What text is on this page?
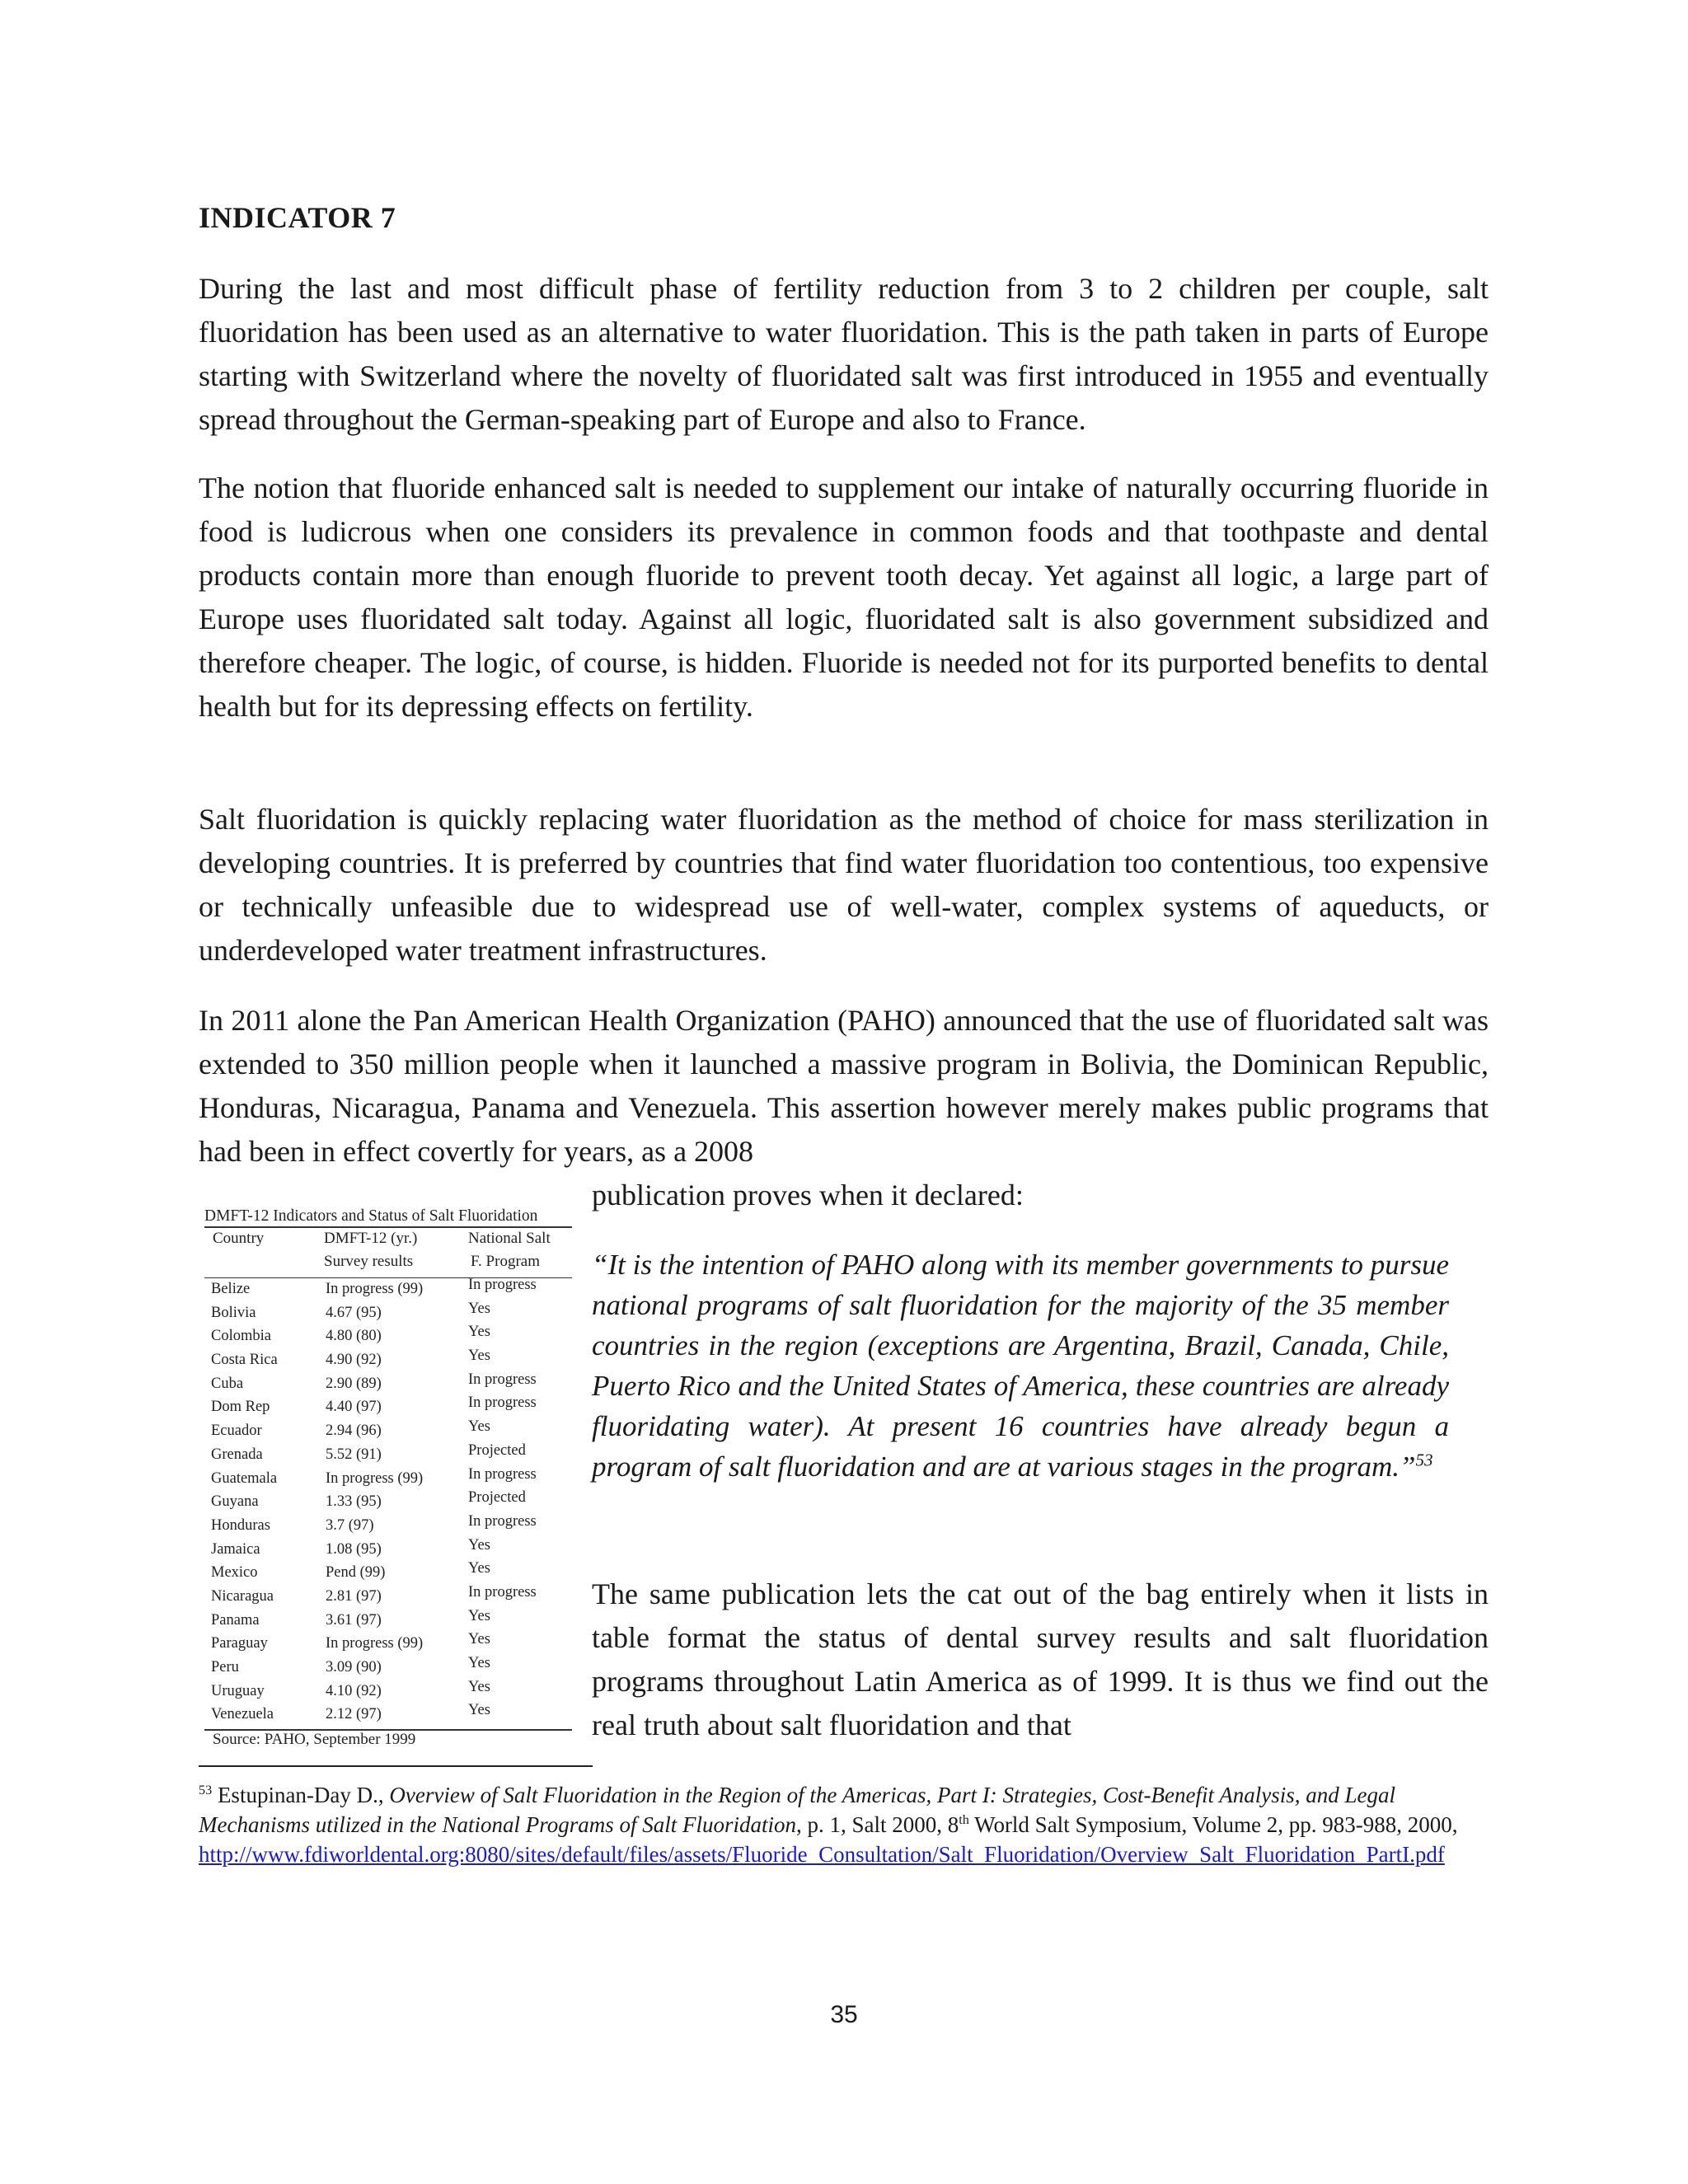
INDICATOR 7

During the last and most difficult phase of fertility reduction from 3 to 2 children per couple, salt fluoridation has been used as an alternative to water fluoridation. This is the path taken in parts of Europe starting with Switzerland where the novelty of fluoridated salt was first introduced in 1955 and eventually spread throughout the German-speaking part of Europe and also to France.

The notion that fluoride enhanced salt is needed to supplement our intake of naturally occurring fluoride in food is ludicrous when one considers its prevalence in common foods and that toothpaste and dental products contain more than enough fluoride to prevent tooth decay. Yet against all logic, a large part of Europe uses fluoridated salt today. Against all logic, fluoridated salt is also government subsidized and therefore cheaper. The logic, of course, is hidden. Fluoride is needed not for its purported benefits to dental health but for its depressing effects on fertility.

Salt fluoridation is quickly replacing water fluoridation as the method of choice for mass sterilization in developing countries. It is preferred by countries that find water fluoridation too contentious, too expensive or technically unfeasible due to widespread use of well-water, complex systems of aqueducts, or underdeveloped water treatment infrastructures.

In 2011 alone the Pan American Health Organization (PAHO) announced that the use of fluoridated salt was extended to 350 million people when it launched a massive program in Bolivia, the Dominican Republic, Honduras, Nicaragua, Panama and Venezuela. This assertion however merely makes public programs that had been in effect covertly for years, as a 2008

publication proves when it declared:

“It is the intention of PAHO along with its member governments to pursue national programs of salt fluoridation for the majority of the 35 member countries in the region (exceptions are Argentina, Brazil, Canada, Chile, Puerto Rico and the United States of America, these countries are already fluoridating water). At present 16 countries have already begun a program of salt fluoridation and are at various stages in the program.”$^{53}$

The same publication lets the cat out of the bag entirely when it lists in table format the status of dental survey results and salt fluoridation programs throughout Latin America as of 1999. It is thus we find out the real truth about salt fluoridation and that

DMFT-12 Indicators and Status of Salt Fluoridation
Country	DMFT-12 (yr.)	National Salt
Survey results	F. Program
Belize	In progress (99)	In progress
Bolivia	4.67 (95)	Yes
Colombia	4.80 (80)	Yes
Costa Rica	4.90 (92)	Yes
Cuba	2.90 (89)	In progress
Dom Rep	4.40 (97)	In progress
Ecuador	2.94 (96)	Yes
Grenada	5.52 (91)	Projected
Guatemala	In progress (99)	In progress
Guyana	1.33 (95)	Projected
Honduras	3.7 (97)	In progress
Jamaica	1.08 (95)	Yes
Mexico	Pend (99)	Yes
Nicaragua	2.81 (97)	In progress
Panama	3.61 (97)	Yes
Paraguay	In progress (99)	Yes
Peru	3.09 (90)	Yes
Uruguay	4.10 (92)	Yes
Venezuela	2.12 (97)	Yes
Source: PAHO, September 1999

$^{53}$ Estupinan-Day D., Overview of Salt Fluoridation in the Region of the Americas, Part I: Strategies, Cost-Benefit Analysis, and Legal Mechanisms utilized in the National Programs of Salt Fluoridation, p. 1, Salt 2000, 8th World Salt Symposium, Volume 2, pp. 983-988, 2000,
http://www.fdiworldental.org:8080/sites/default/files/assets/Fluoride_Consultation/Salt_Fluoridation/Overview_Salt_Fluoridation_PartI.pdf

35
